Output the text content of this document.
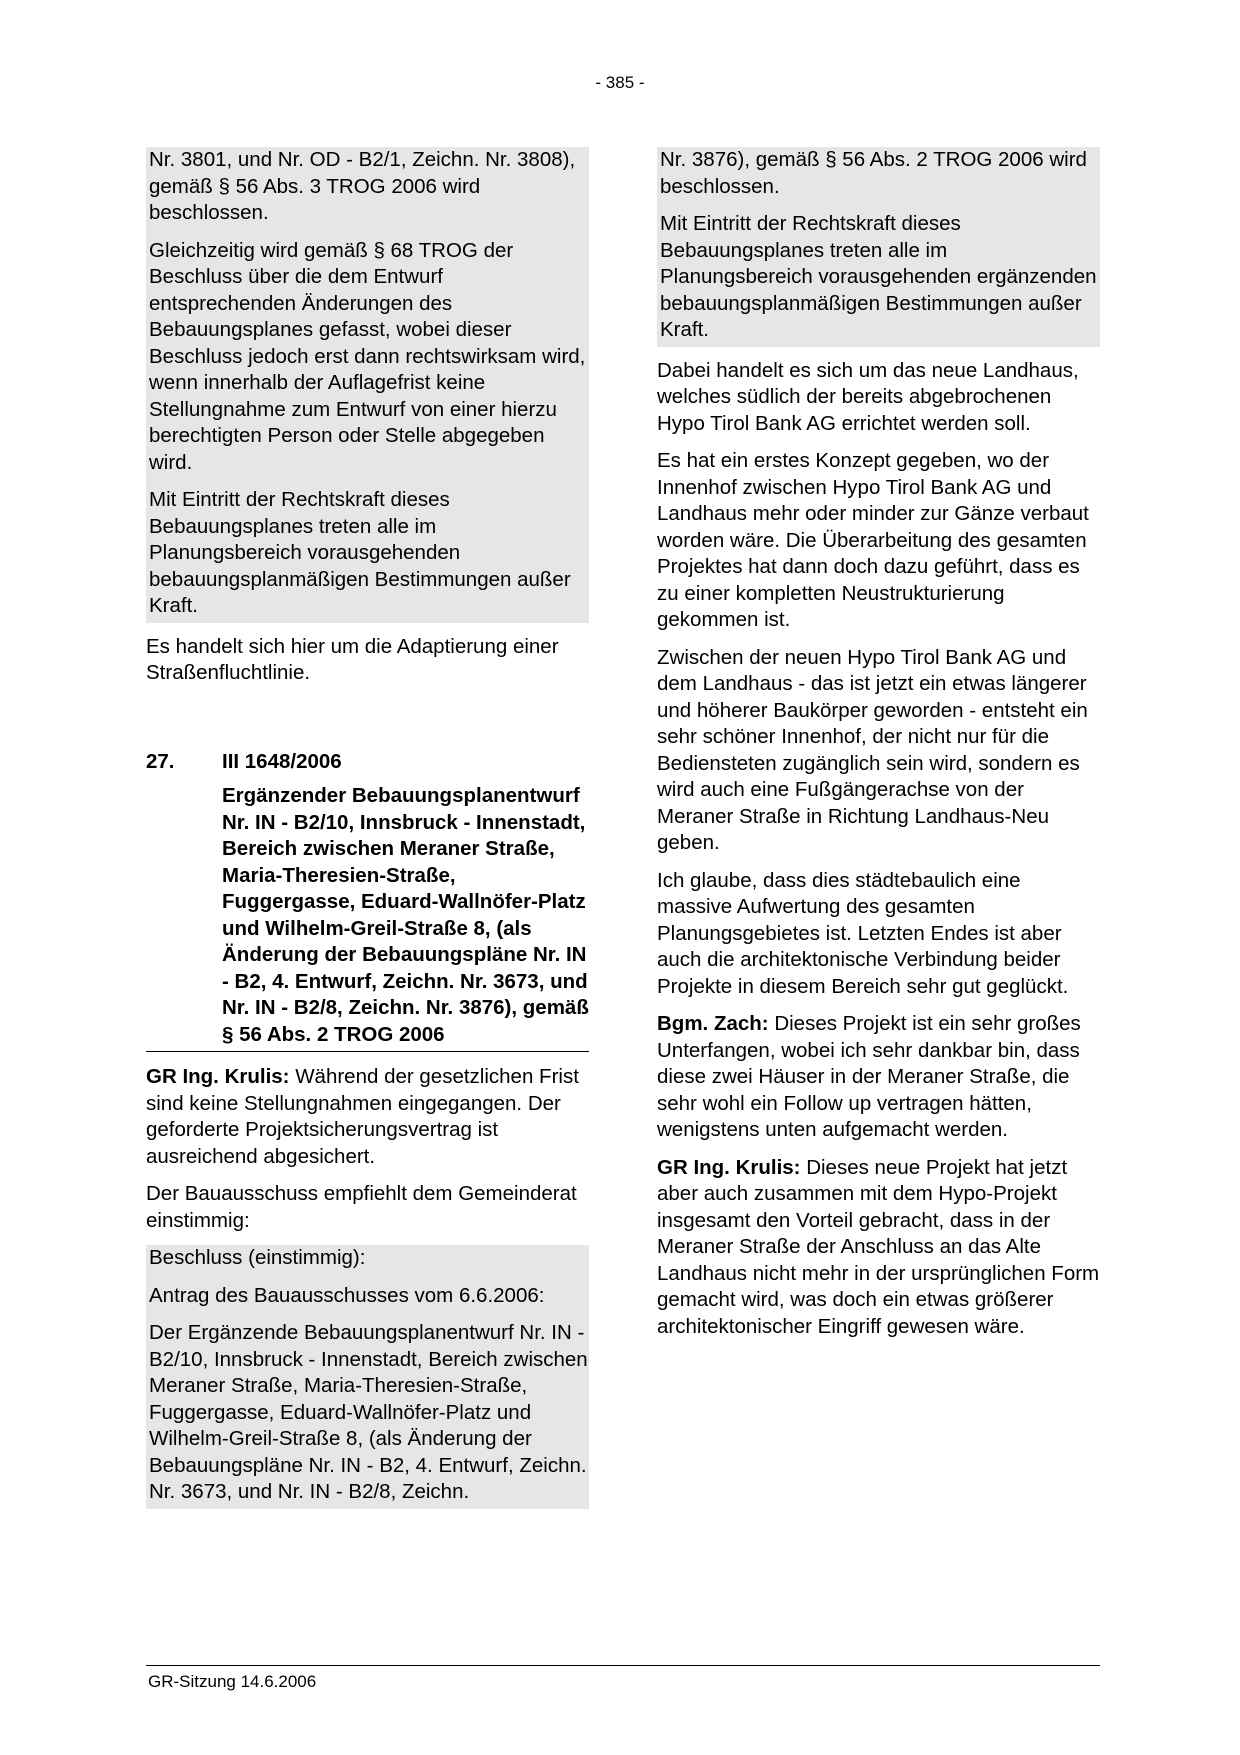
- 385 -

Nr. 3801, und Nr. OD - B2/1, Zeichn. Nr. 3808), gemäß § 56 Abs. 3 TROG 2006 wird beschlossen.

Gleichzeitig wird gemäß § 68 TROG der Beschluss über die dem Entwurf entsprechenden Änderungen des Bebauungsplanes gefasst, wobei dieser Beschluss jedoch erst dann rechtswirksam wird, wenn innerhalb der Auflagefrist keine Stellungnahme zum Entwurf von einer hierzu berechtigten Person oder Stelle abgegeben wird.

Mit Eintritt der Rechtskraft dieses Bebauungsplanes treten alle im Planungsbereich vorausgehenden bebauungsplanmäßigen Bestimmungen außer Kraft.

Es handelt sich hier um die Adaptierung einer Straßenfluchtlinie.

27.	III 1648/2006
Ergänzender Bebauungsplanentwurf Nr. IN - B2/10, Innsbruck - Innenstadt, Bereich zwischen Meraner Straße, Maria-Theresien-Straße, Fuggergasse, Eduard-Wallnöfer-Platz und Wilhelm-Greil-Straße 8, (als Änderung der Bebauungspläne Nr. IN - B2, 4. Entwurf, Zeichn. Nr. 3673, und Nr. IN - B2/8, Zeichn. Nr. 3876), gemäß § 56 Abs. 2 TROG 2006

GR Ing. Krulis: Während der gesetzlichen Frist sind keine Stellungnahmen eingegangen. Der geforderte Projektsicherungsvertrag ist ausreichend abgesichert.

Der Bauausschuss empfiehlt dem Gemeinderat einstimmig:

Beschluss (einstimmig):

Antrag des Bauausschusses vom 6.6.2006:

Der Ergänzende Bebauungsplanentwurf Nr. IN - B2/10, Innsbruck - Innenstadt, Bereich zwischen Meraner Straße, Maria-Theresien-Straße, Fuggergasse, Eduard-Wallnöfer-Platz und Wilhelm-Greil-Straße 8, (als Änderung der Bebauungspläne Nr. IN - B2, 4. Entwurf, Zeichn. Nr. 3673, und Nr. IN - B2/8, Zeichn.

Nr. 3876), gemäß § 56 Abs. 2 TROG 2006 wird beschlossen.

Mit Eintritt der Rechtskraft dieses Bebauungsplanes treten alle im Planungsbereich vorausgehenden ergänzenden bebauungsplanmäßigen Bestimmungen außer Kraft.

Dabei handelt es sich um das neue Landhaus, welches südlich der bereits abgebrochenen Hypo Tirol Bank AG errichtet werden soll.

Es hat ein erstes Konzept gegeben, wo der Innenhof zwischen Hypo Tirol Bank AG und Landhaus mehr oder minder zur Gänze verbaut worden wäre. Die Überarbeitung des gesamten Projektes hat dann doch dazu geführt, dass es zu einer kompletten Neustrukturierung gekommen ist.

Zwischen der neuen Hypo Tirol Bank AG und dem Landhaus - das ist jetzt ein etwas längerer und höherer Baukörper geworden - entsteht ein sehr schöner Innenhof, der nicht nur für die Bediensteten zugänglich sein wird, sondern es wird auch eine Fußgängerachse von der Meraner Straße in Richtung Landhaus-Neu geben.

Ich glaube, dass dies städtebaulich eine massive Aufwertung des gesamten Planungsgebietes ist. Letzten Endes ist aber auch die architektonische Verbindung beider Projekte in diesem Bereich sehr gut geglückt.

Bgm. Zach: Dieses Projekt ist ein sehr großes Unterfangen, wobei ich sehr dankbar bin, dass diese zwei Häuser in der Meraner Straße, die sehr wohl ein Follow up vertragen hätten, wenigstens unten aufgemacht werden.

GR Ing. Krulis: Dieses neue Projekt hat jetzt aber auch zusammen mit dem Hypo-Projekt insgesamt den Vorteil gebracht, dass in der Meraner Straße der Anschluss an das Alte Landhaus nicht mehr in der ursprünglichen Form gemacht wird, was doch ein etwas größerer architektonischer Eingriff gewesen wäre.

GR-Sitzung 14.6.2006
